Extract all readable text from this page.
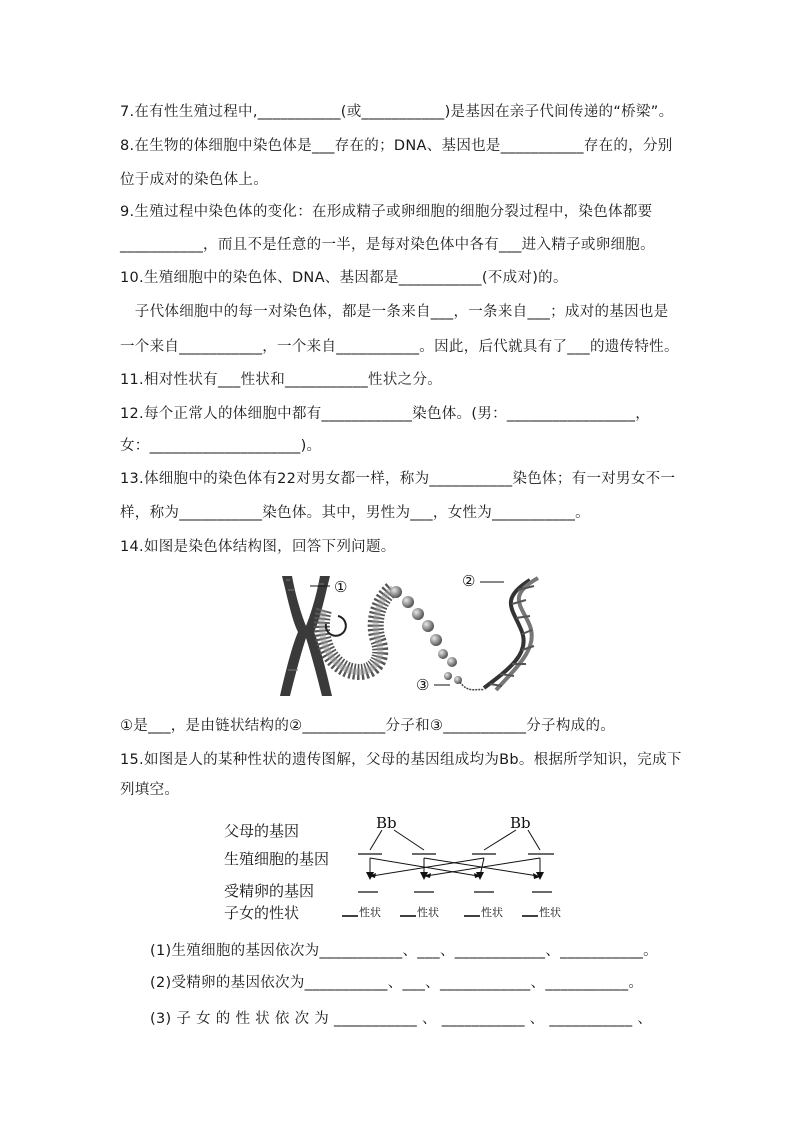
7.在有性生殖过程中,___________(或___________)是基因在亲子代间传递的“桥梁”。
8.在生物的体细胞中染色体是___存在的；DNA、基因也是___________存在的，分别
位于成对的染色体上。
9.生殖过程中染色体的变化：在形成精子或卵细胞的细胞分裂过程中，染色体都要
___________，而且不是任意的一半，是每对染色体中各有___进入精子或卵细胞。
10.生殖细胞中的染色体、DNA、基因都是___________(不成对)的。
　子代体细胞中的每一对染色体，都是一条来自___，一条来自___；成对的基因也是
一个来自___________，一个来自___________。因此，后代就具有了___的遗传特性。
11.相对性状有___性状和___________性状之分。
12.每个正常人的体细胞中都有____________染色体。(男：_________________，
女：____________________)。
13.体细胞中的染色体有22对男女都一样，称为___________染色体；有一对男女不一
样，称为___________染色体。其中，男性为___，女性为___________。
14.如图是染色体结构图，回答下列问题。
①	②
③
①是___，是由链状结构的②___________分子和③___________分子构成的。
15.如图是人的某种性状的遗传图解，父母的基因组成均为Bb。根据所学知识，完成下
列填空。
父母的基因
生殖细胞的基因
受精卵的基因
子女的性状
Bb	Bb
性状	性状	性状	性状
(1)生殖细胞的基因依次为___________、___、____________、___________。
(2)受精卵的基因依次为___________、___、____________、___________。
(3) 子 女 的 性 状 依 次 为 ___________ 、 ___________ 、 ___________ 、
